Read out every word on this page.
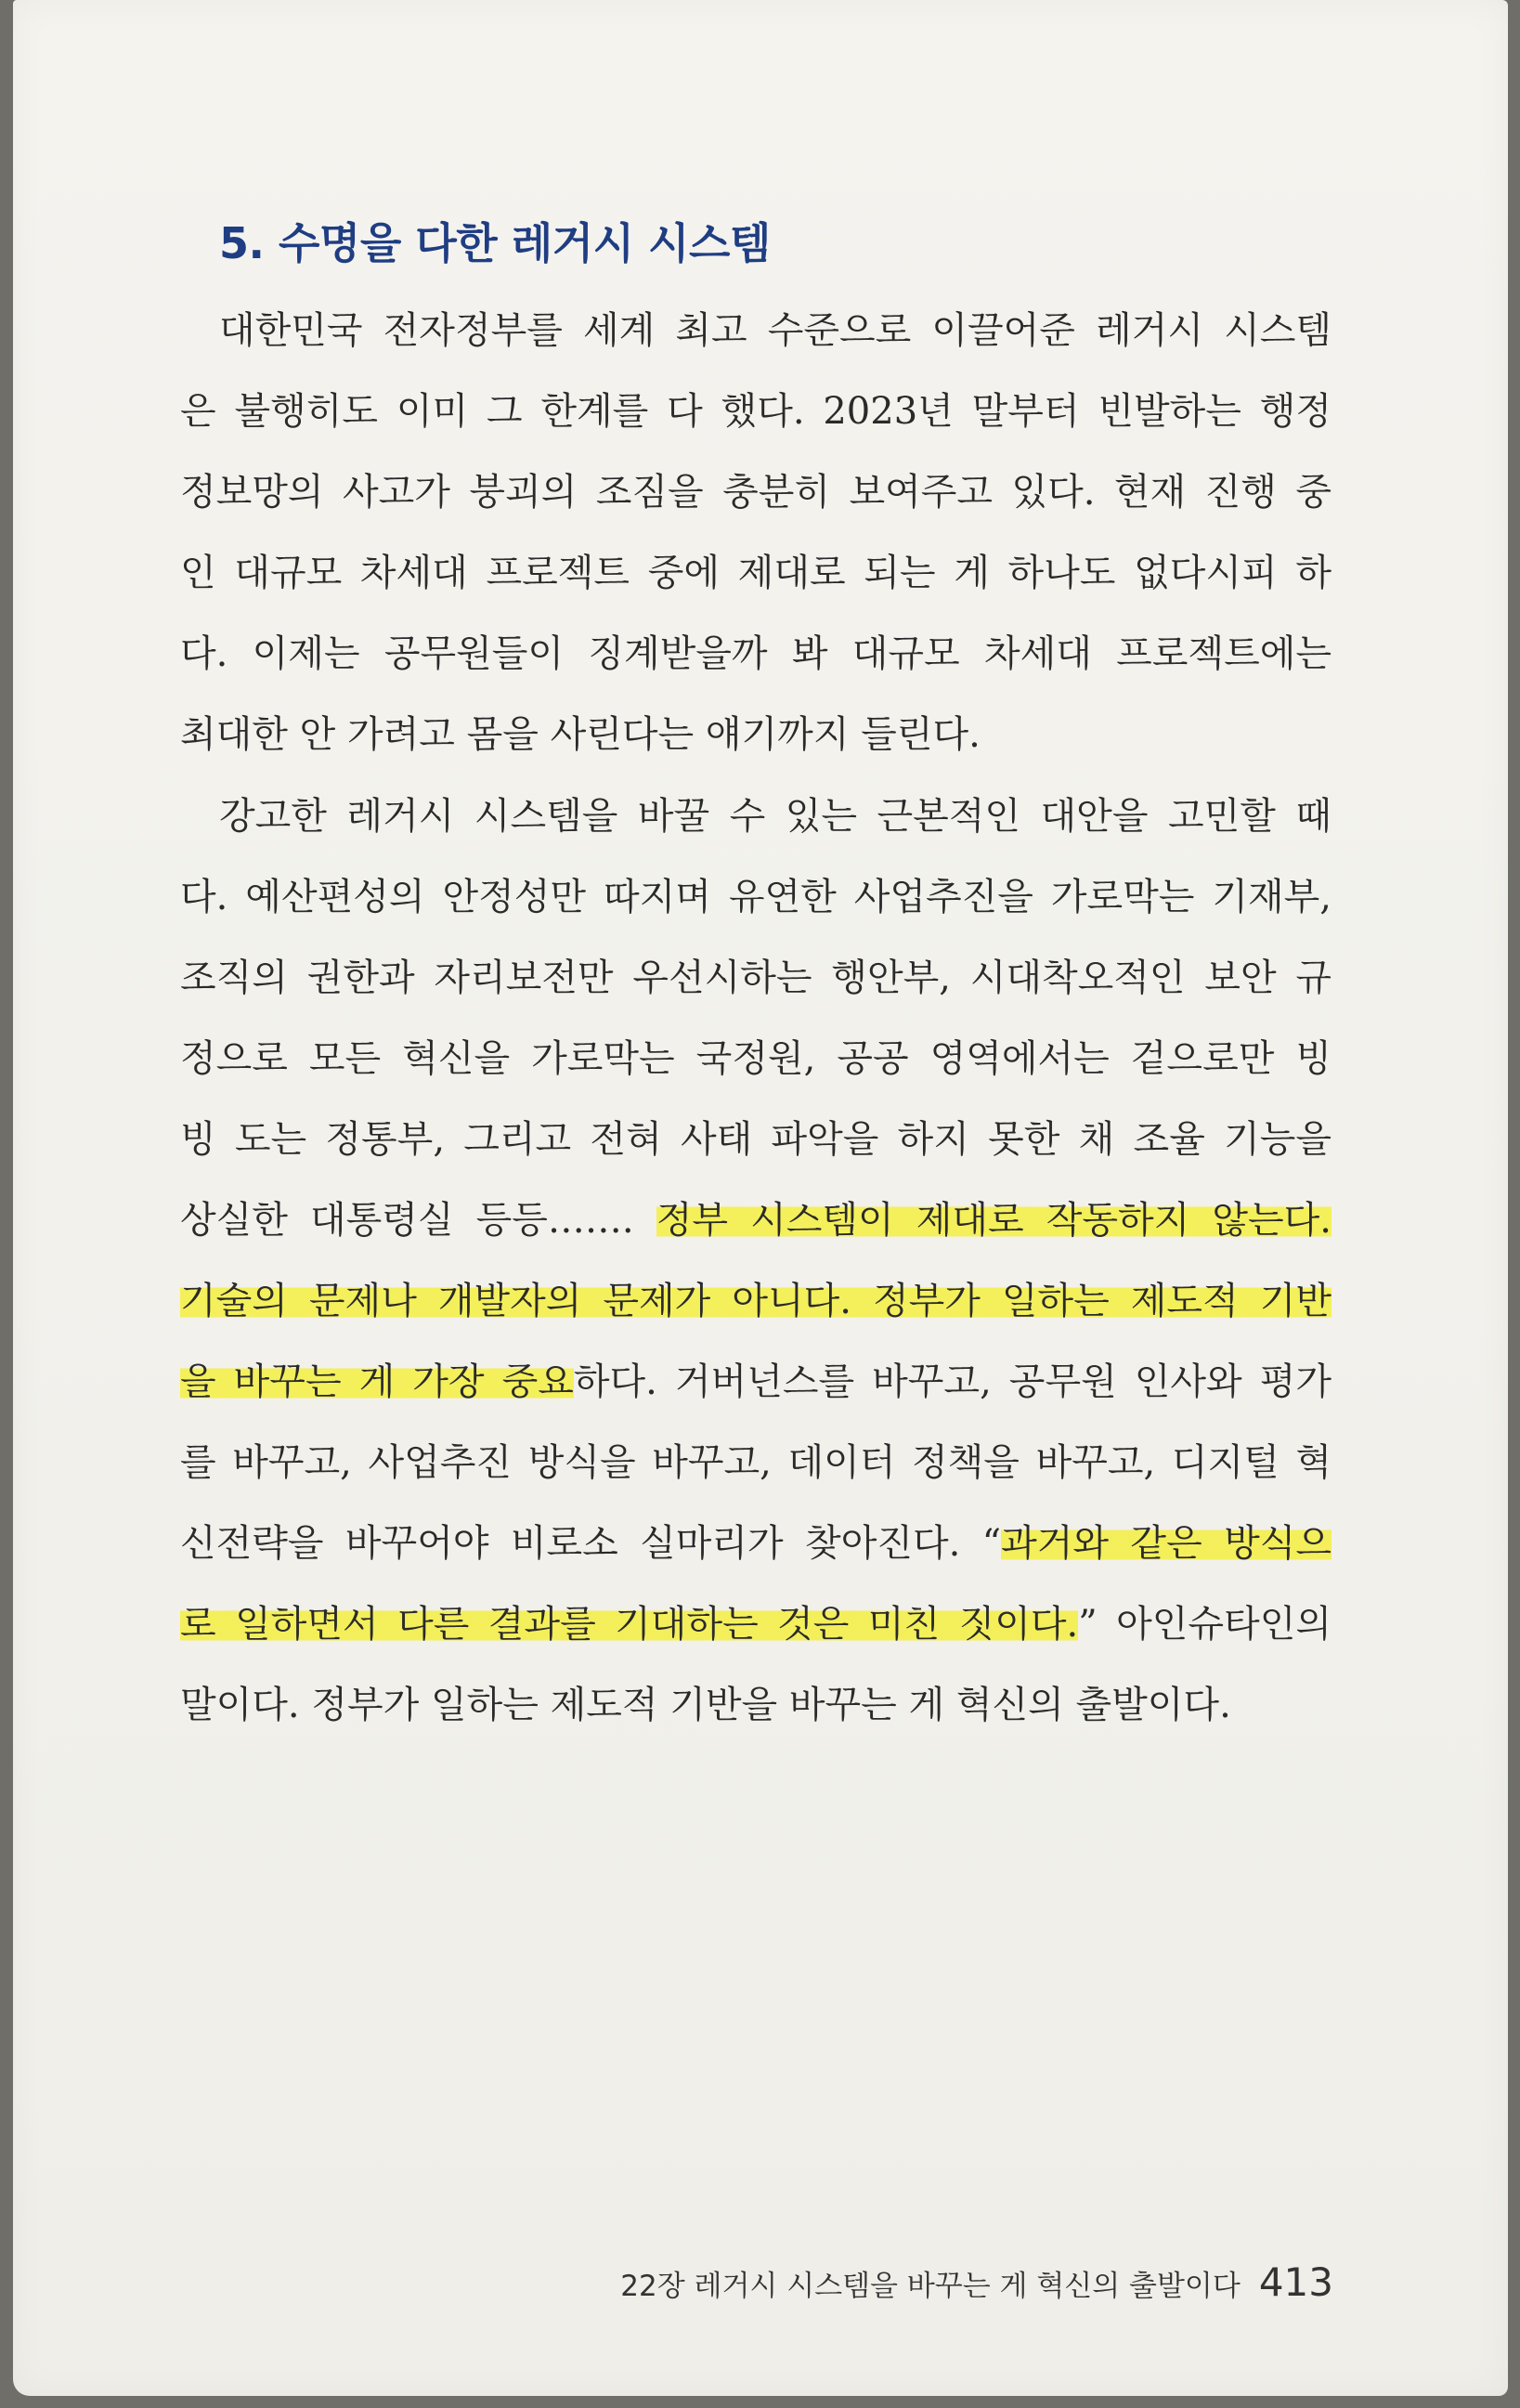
5. 수명을 다한 레거시 시스템
대한민국 전자정부를 세계 최고 수준으로 이끌어준 레거시 시스템
은 불행히도 이미 그 한계를 다 했다. 2023년 말부터 빈발하는 행정
정보망의 사고가 붕괴의 조짐을 충분히 보여주고 있다. 현재 진행 중
인 대규모 차세대 프로젝트 중에 제대로 되는 게 하나도 없다시피 하
다. 이제는 공무원들이 징계받을까 봐 대규모 차세대 프로젝트에는
최대한 안 가려고 몸을 사린다는 얘기까지 들린다.
강고한 레거시 시스템을 바꿀 수 있는 근본적인 대안을 고민할 때
다. 예산편성의 안정성만 따지며 유연한 사업추진을 가로막는 기재부,
조직의 권한과 자리보전만 우선시하는 행안부, 시대착오적인 보안 규
정으로 모든 혁신을 가로막는 국정원, 공공 영역에서는 겉으로만 빙
빙 도는 정통부, 그리고 전혀 사태 파악을 하지 못한 채 조율 기능을
상실한 대통령실 등등……. 정부 시스템이 제대로 작동하지 않는다.
기술의 문제나 개발자의 문제가 아니다. 정부가 일하는 제도적 기반
을 바꾸는 게 가장 중요하다. 거버넌스를 바꾸고, 공무원 인사와 평가
를 바꾸고, 사업추진 방식을 바꾸고, 데이터 정책을 바꾸고, 디지털 혁
신전략을 바꾸어야 비로소 실마리가 찾아진다. “과거와 같은 방식으
로 일하면서 다른 결과를 기대하는 것은 미친 짓이다.” 아인슈타인의
말이다. 정부가 일하는 제도적 기반을 바꾸는 게 혁신의 출발이다.
22장 레거시 시스템을 바꾸는 게 혁신의 출발이다 413
